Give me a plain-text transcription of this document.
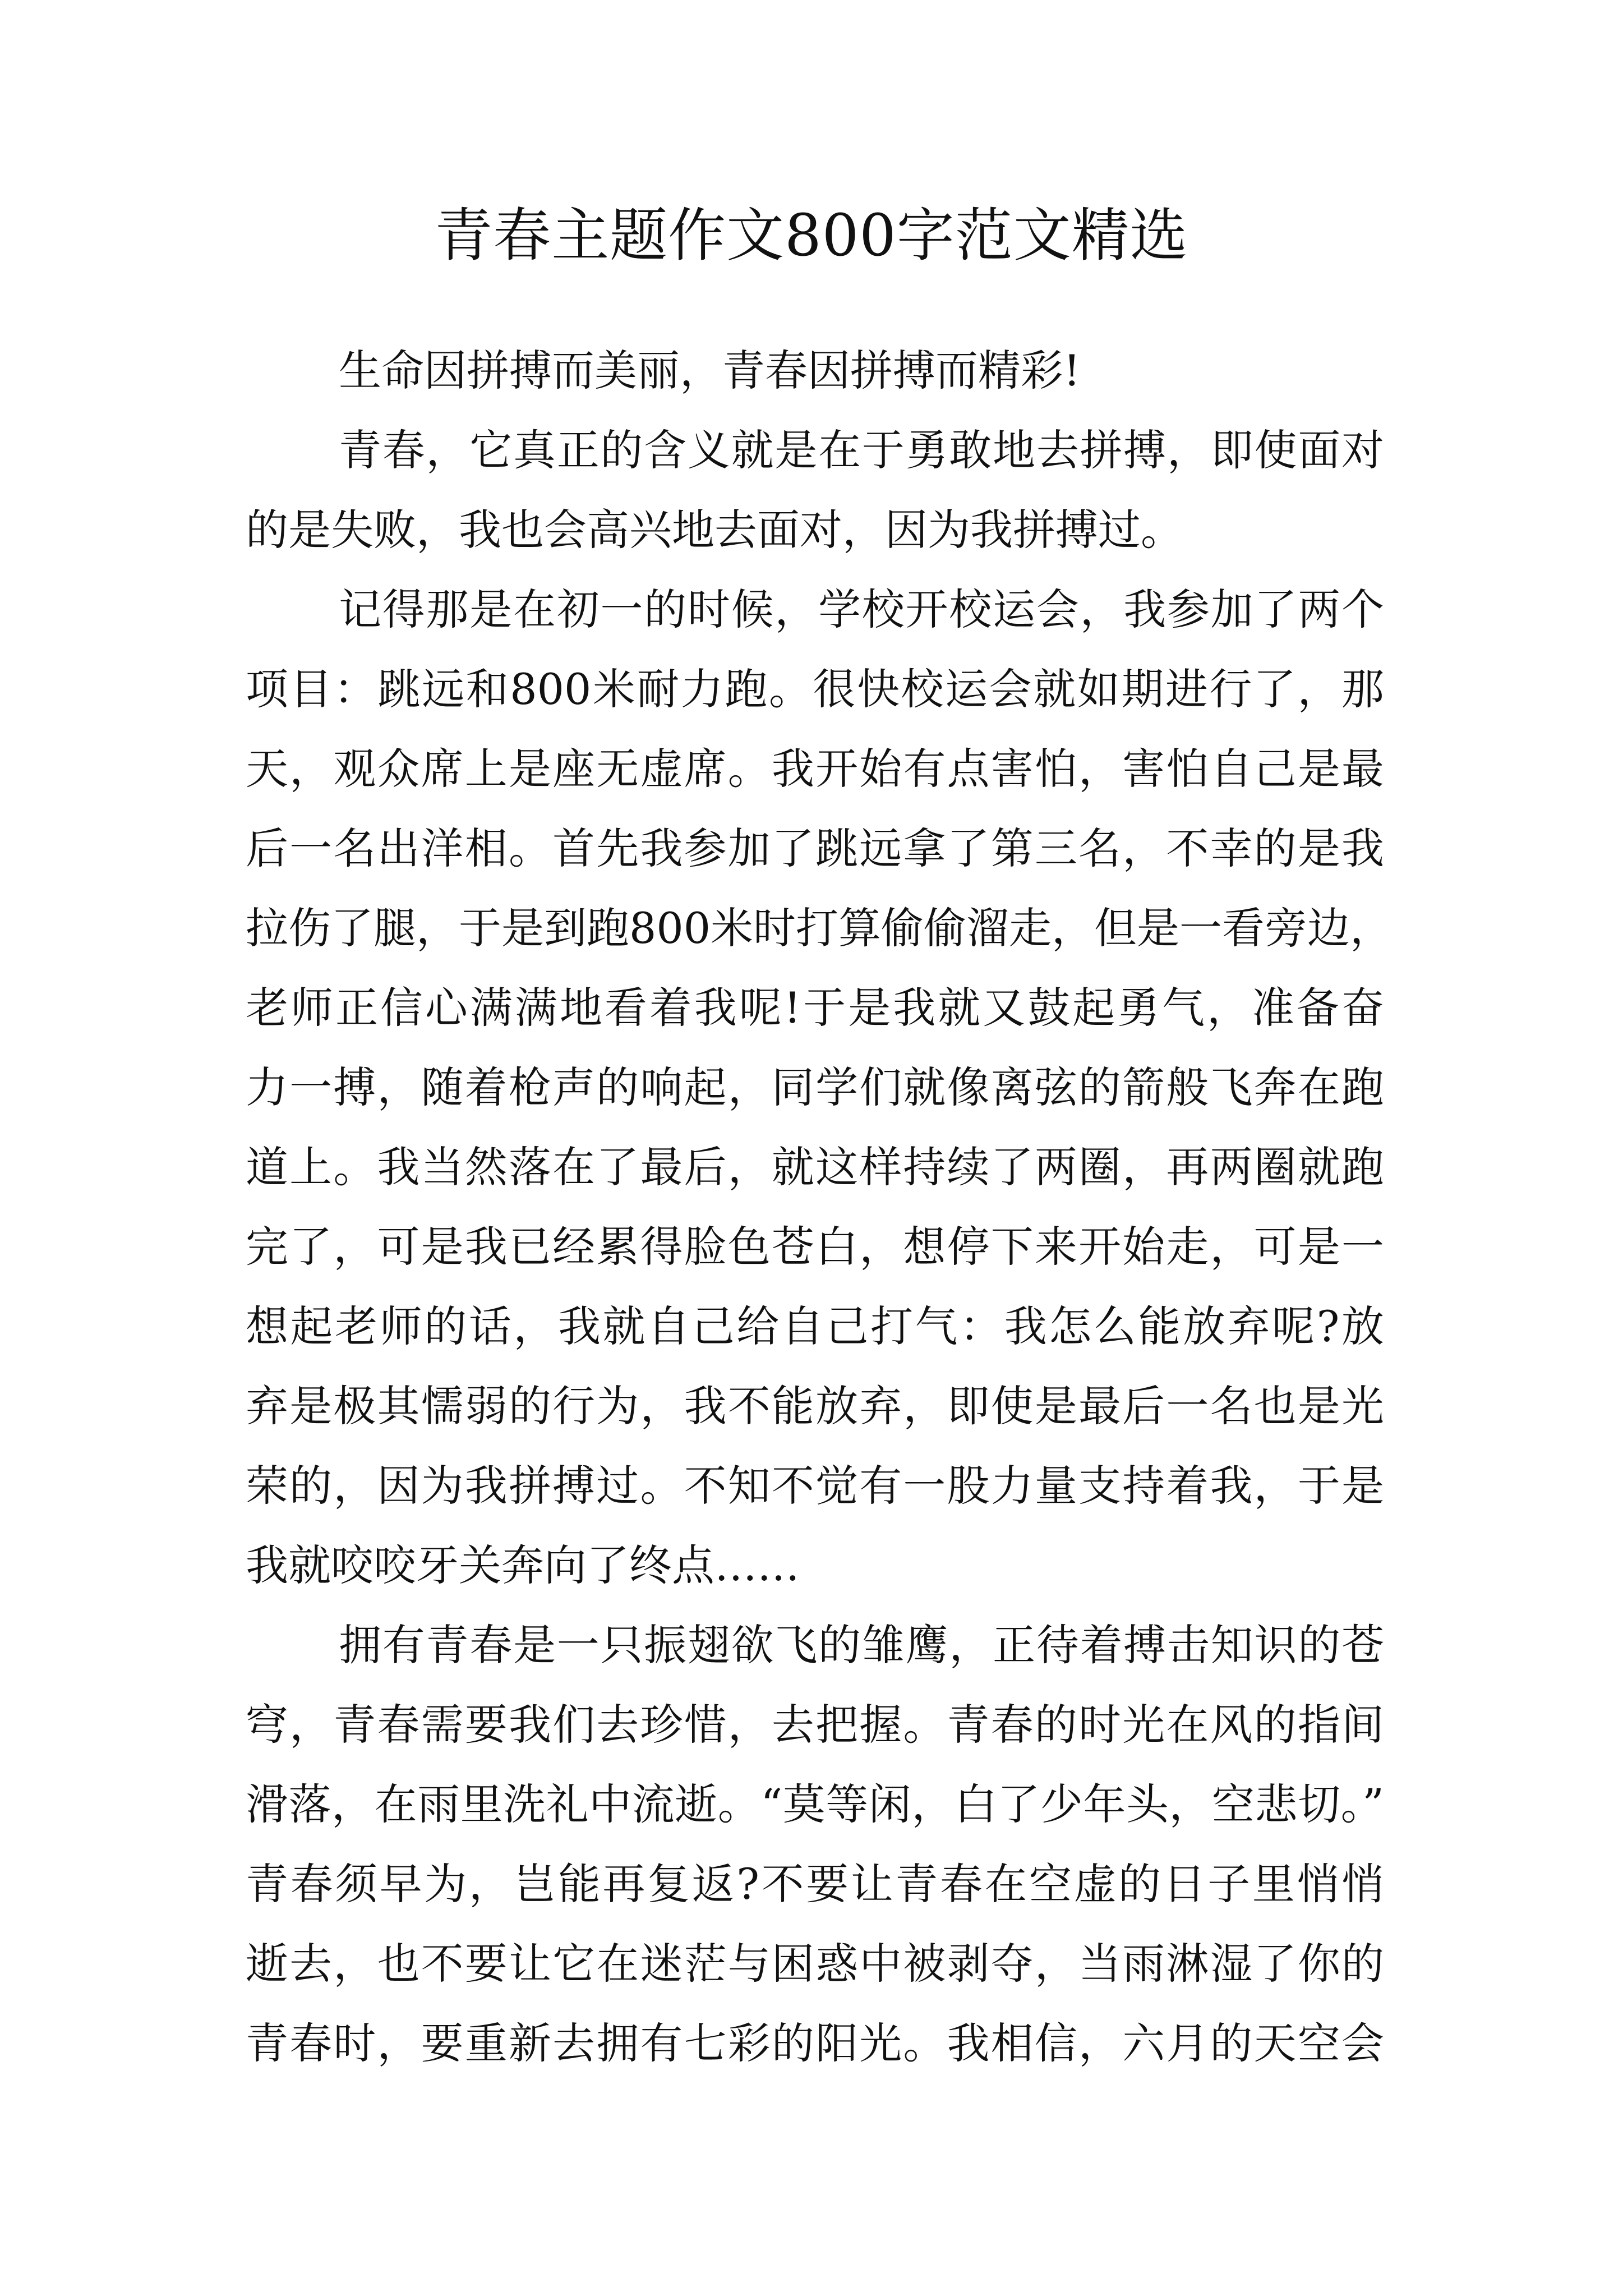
青春主题作文800字范文精选

生命因拼搏而美丽，青春因拼搏而精彩!

青春，它真正的含义就是在于勇敢地去拼搏，即使面对

的是失败，我也会高兴地去面对，因为我拼搏过。

记得那是在初一的时候，学校开校运会，我参加了两个

项目：跳远和800米耐力跑。很快校运会就如期进行了，那

天，观众席上是座无虚席。我开始有点害怕，害怕自己是最

后一名出洋相。首先我参加了跳远拿了第三名，不幸的是我

拉伤了腿，于是到跑800米时打算偷偷溜走，但是一看旁边，

老师正信心满满地看着我呢!于是我就又鼓起勇气，准备奋

力一搏，随着枪声的响起，同学们就像离弦的箭般飞奔在跑

道上。我当然落在了最后，就这样持续了两圈，再两圈就跑

完了，可是我已经累得脸色苍白，想停下来开始走，可是一

想起老师的话，我就自己给自己打气：我怎么能放弃呢?放

弃是极其懦弱的行为，我不能放弃，即使是最后一名也是光

荣的，因为我拼搏过。不知不觉有一股力量支持着我，于是

我就咬咬牙关奔向了终点……

拥有青春是一只振翅欲飞的雏鹰，正待着搏击知识的苍

穹，青春需要我们去珍惜，去把握。青春的时光在风的指间

滑落，在雨里洗礼中流逝。“莫等闲，白了少年头，空悲切。”

青春须早为，岂能再复返?不要让青春在空虚的日子里悄悄

逝去，也不要让它在迷茫与困惑中被剥夺，当雨淋湿了你的

青春时，要重新去拥有七彩的阳光。我相信，六月的天空会
